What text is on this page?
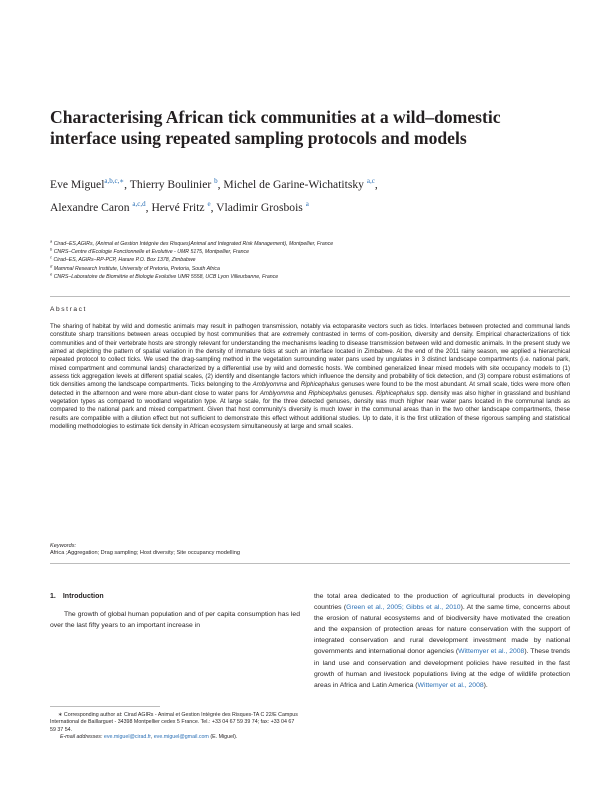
Characterising African tick communities at a wild–domestic interface using repeated sampling protocols and models
Eve Miguel$^{a,b,c,∗}$, Thierry Boulinier $^b$, Michel de Garine-Wichatitsky $^{a,c}$,
Alexandre Caron $^{a,c,d}$, Hervé Fritz $^e$, Vladimir Grosbois $^a$
$^a$ Cirad–ES,AGIRs, (Animal et Gestion Intégrée des Risques)Animal and Integrated Risk Management), Montpellier, France
$^b$ CNRS–Centre d'Ecologie Fonctionnelle et Evolutive - UMR 5175, Montpellier, France
$^c$ Cirad–ES, AGIRs–RP-PCP, Harare P.O. Box 1378, Zimbabwe
$^d$ Mammal Research Institute, University of Pretoria, Pretoria, South Africa
$^e$ CNRS–Laboratoire de Biométrie et Biologie Evolutive UMR 5558, UCB Lyon Villeurbanne, France
Abstract

The sharing of habitat by wild and domestic animals may result in pathogen transmission, notably via ectoparasite vectors such as ticks. Interfaces between protected and communal lands constitute sharp transitions between areas occupied by host communities that are extremely contrasted in terms of com-position, diversity and density. Empirical characterizations of tick communities and of their vertebrate hosts are strongly relevant for understanding the mechanisms leading to disease transmission between wild and domestic animals. In the present study we aimed at depicting the pattern of spatial variation in the density of immature ticks at such an interface located in Zimbabwe. At the end of the 2011 rainy season, we applied a hierarchical repeated protocol to collect ticks. We used the drag-sampling method in the vegetation surrounding water pans used by ungulates in 3 distinct landscape compartments (i.e. national park, mixed compartment and communal lands) characterized by a differential use by wild and domestic hosts. We combined generalized linear mixed models with site occupancy models to (1) assess tick aggregation levels at different spatial scales, (2) identify and disentangle factors which influence the density and probability of tick detection, and (3) compare robust estimations of tick densities among the landscape compartments. Ticks belonging to the Amblyomma and Riphicephalus genuses were found to be the most abundant. At small scale, ticks were more often detected in the afternoon and were more abun-dant close to water pans for Amblyomma and Riphicephalus genuses. Riphicephalus spp. density was also higher in grassland and bushland vegetation types as compared to woodland vegetation type. At large scale, for the three detected genuses, density was much higher near water pans located in the communal lands as compared to the national park and mixed compartment. Given that host community's diversity is much lower in the communal areas than in the two other landscape compartments, these results are compatible with a dilution effect but not sufficient to demonstrate this effect without additional studies. Up to date, it is the first utilization of these rigorous sampling and statistical modelling methodologies to estimate tick density in African ecosystem simultaneously at large and small scales.

Keywords:
Africa ;Aggregation; Drag sampling; Host diversity; Site occupancy modelling
1. Introduction

The growth of global human population and of per capita consumption has led over the last fifty years to an important increase in

the total area dedicated to the production of agricultural products in developing countries (Green et al., 2005; Gibbs et al., 2010). At the same time, concerns about the erosion of natural ecosystems and of biodiversity have motivated the creation and the expansion of protection areas for nature conservation with the support of integrated conservation and rural development investment made by national governments and international donor agencies (Wittemyer et al., 2008). These trends in land use and conservation and development policies have resulted in the fast growth of human and livestock populations living at the edge of wildlife protection areas in Africa and Latin America (Wittemyer et al., 2008).

∗ Corresponding author at: Cirad AGIRs - Animal et Gestion Intégrée des Risques-TA C 22/E Campus International de Baillarguet - 34398 Montpellier cedex 5 France. Tel.: +33 04 67 59 39 74; fax: +33 04 67 59 37 54.
E-mail addresses: eve.miguel@cirad.fr, eve.miguel@gmail.com (E. Miguel).
